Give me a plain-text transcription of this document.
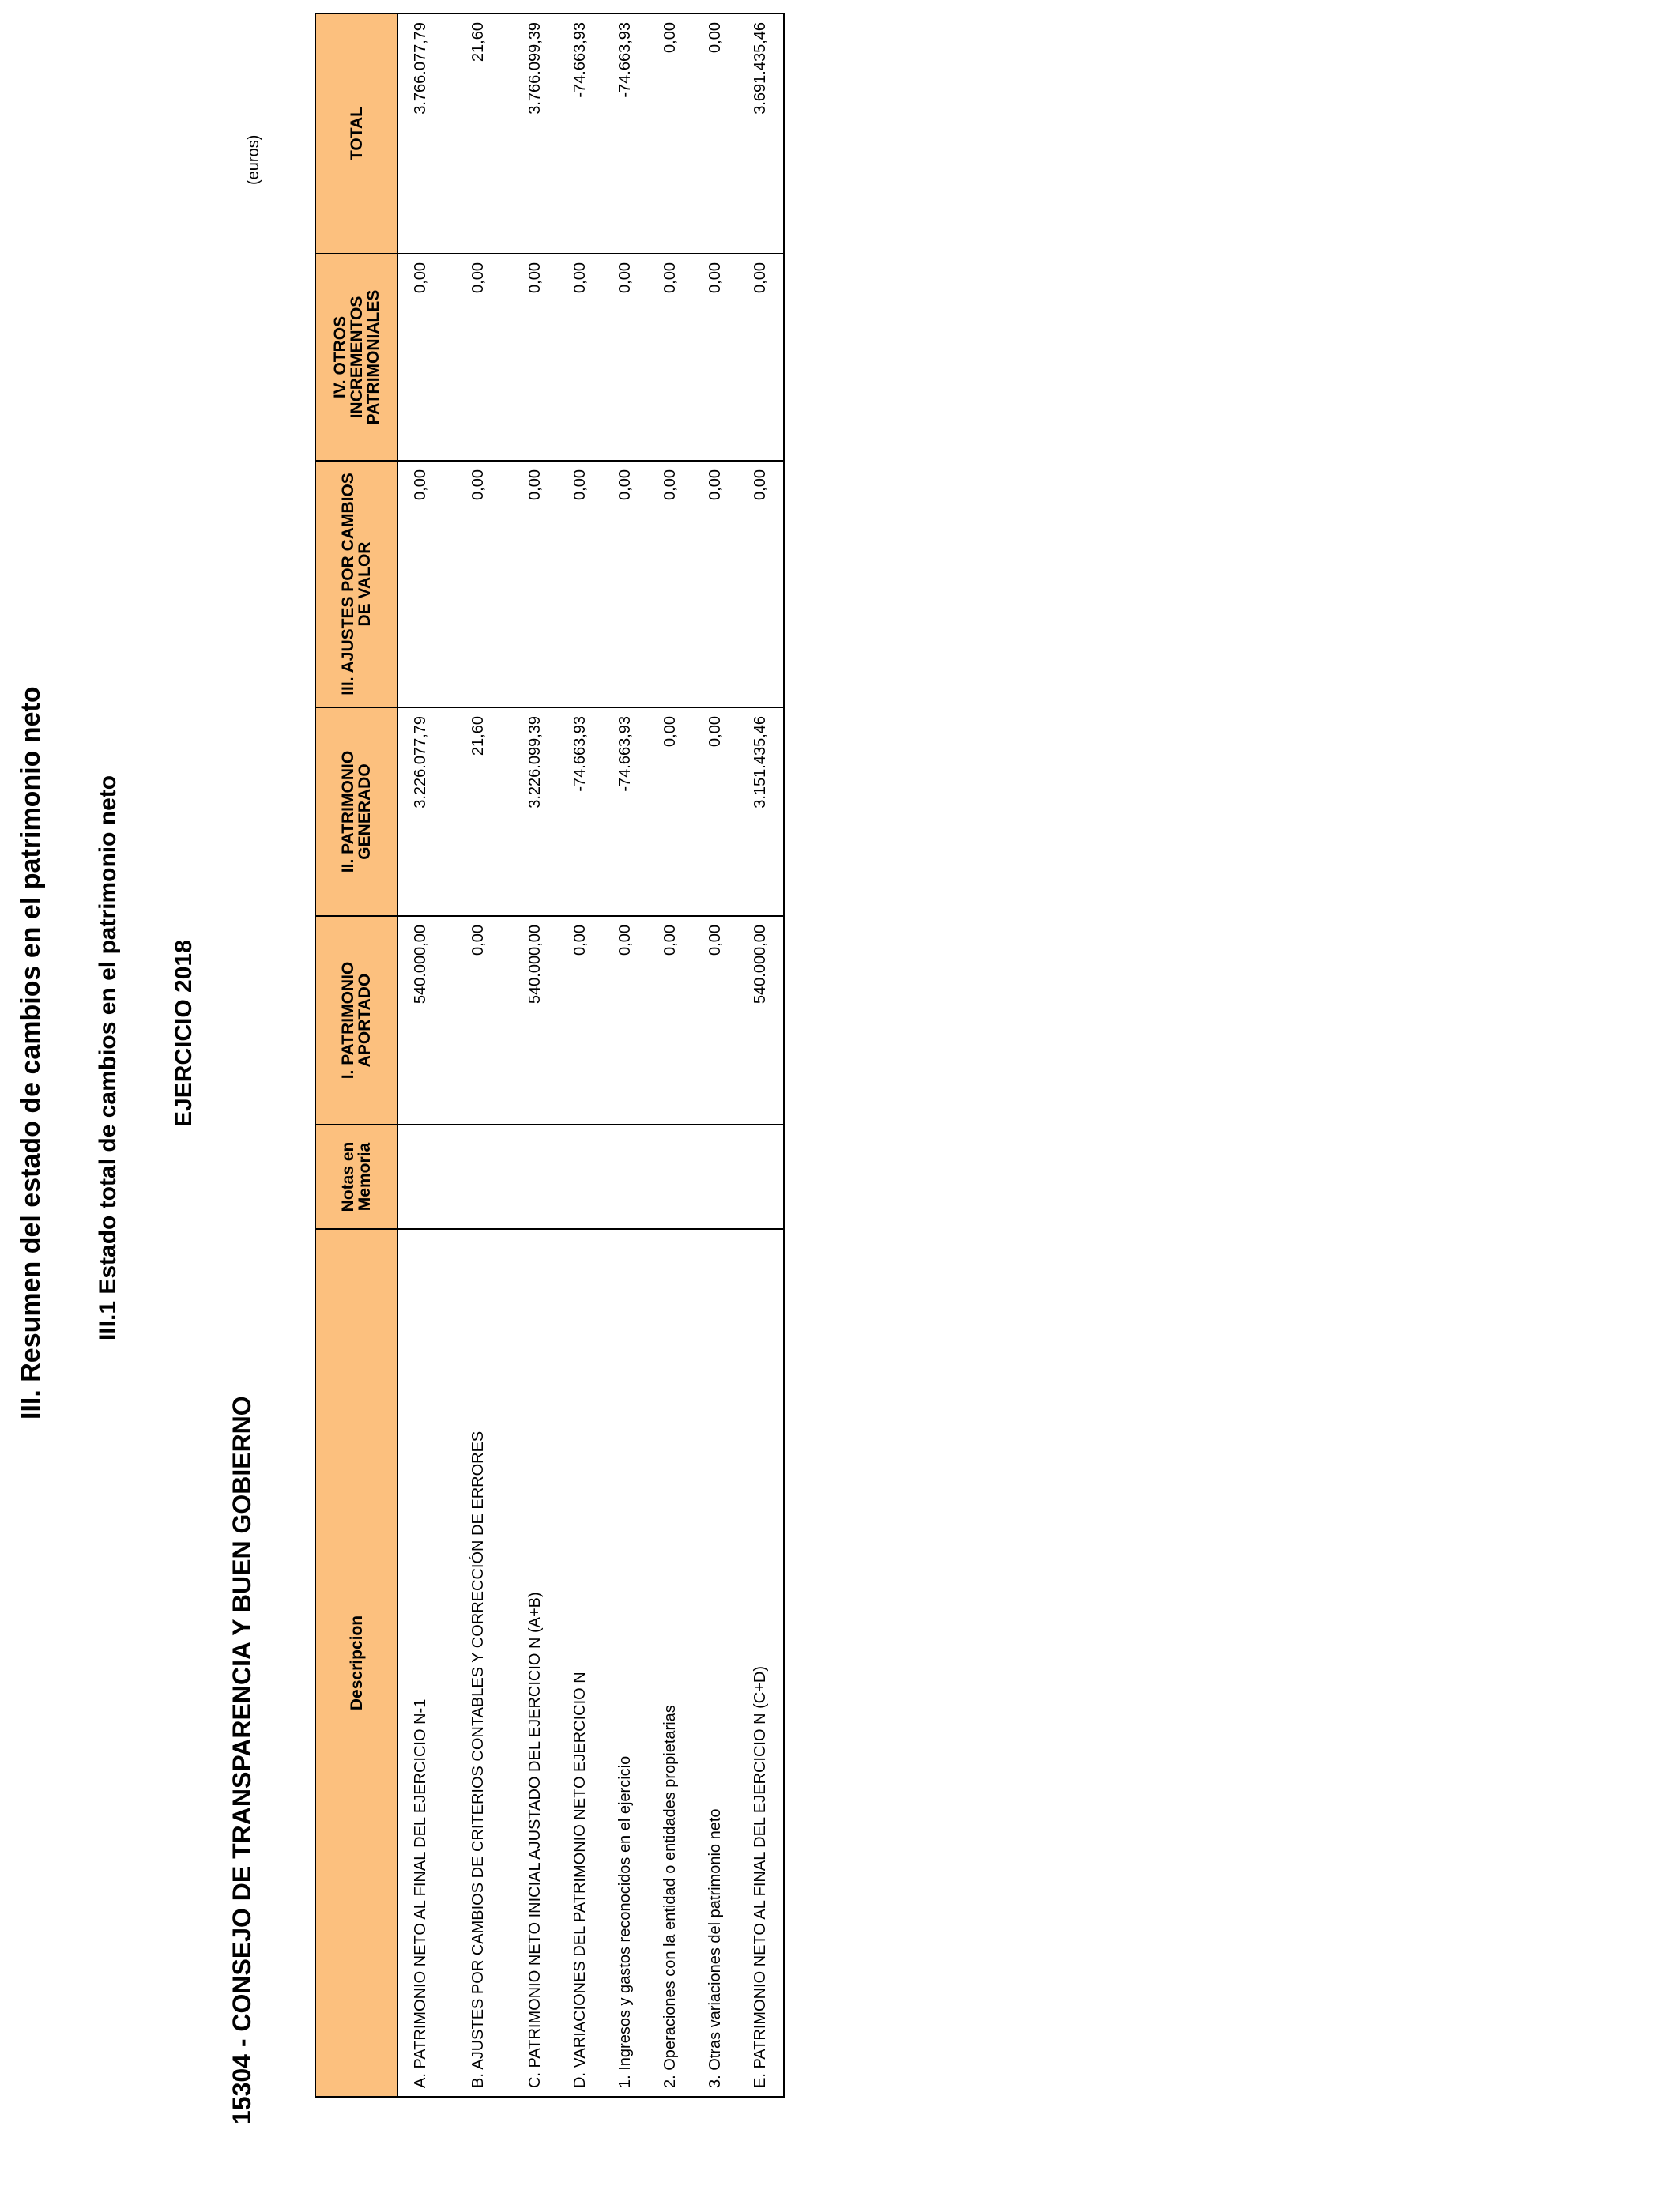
III. Resumen del estado de cambios en el patrimonio neto III.1 Estado total de cambios en el patrimonio neto EJERCICIO 2018
15304 - CONSEJO DE TRANSPARENCIA Y BUEN GOBIERNO
(euros)
Descripcion	Notas en Memoria	I. PATRIMONIO APORTADO	II. PATRIMONIO GENERADO	III. AJUSTES POR CAMBIOS DE VALOR	IV. OTROS INCREMENTOS PATRIMONIALES	TOTAL
A. PATRIMONIO NETO AL FINAL DEL EJERCICIO N-1		540.000,00	3.226.077,79	0,00	0,00	3.766.077,79
B. AJUSTES POR CAMBIOS DE CRITERIOS CONTABLES Y CORRECCIÓN DE ERRORES		0,00	21,60	0,00	0,00	21,60
C. PATRIMONIO NETO INICIAL AJUSTADO DEL EJERCICIO N (A+B)		540.000,00	3.226.099,39	0,00	0,00	3.766.099,39
D. VARIACIONES DEL PATRIMONIO NETO EJERCICIO N		0,00	-74.663,93	0,00	0,00	-74.663,93
1. Ingresos y gastos reconocidos en el ejercicio		0,00	-74.663,93	0,00	0,00	-74.663,93
2. Operaciones con la entidad o entidades propietarias		0,00	0,00	0,00	0,00	0,00
3. Otras variaciones del patrimonio neto		0,00	0,00	0,00	0,00	0,00
E. PATRIMONIO NETO AL FINAL DEL EJERCICIO N (C+D)		540.000,00	3.151.435,46	0,00	0,00	3.691.435,46
